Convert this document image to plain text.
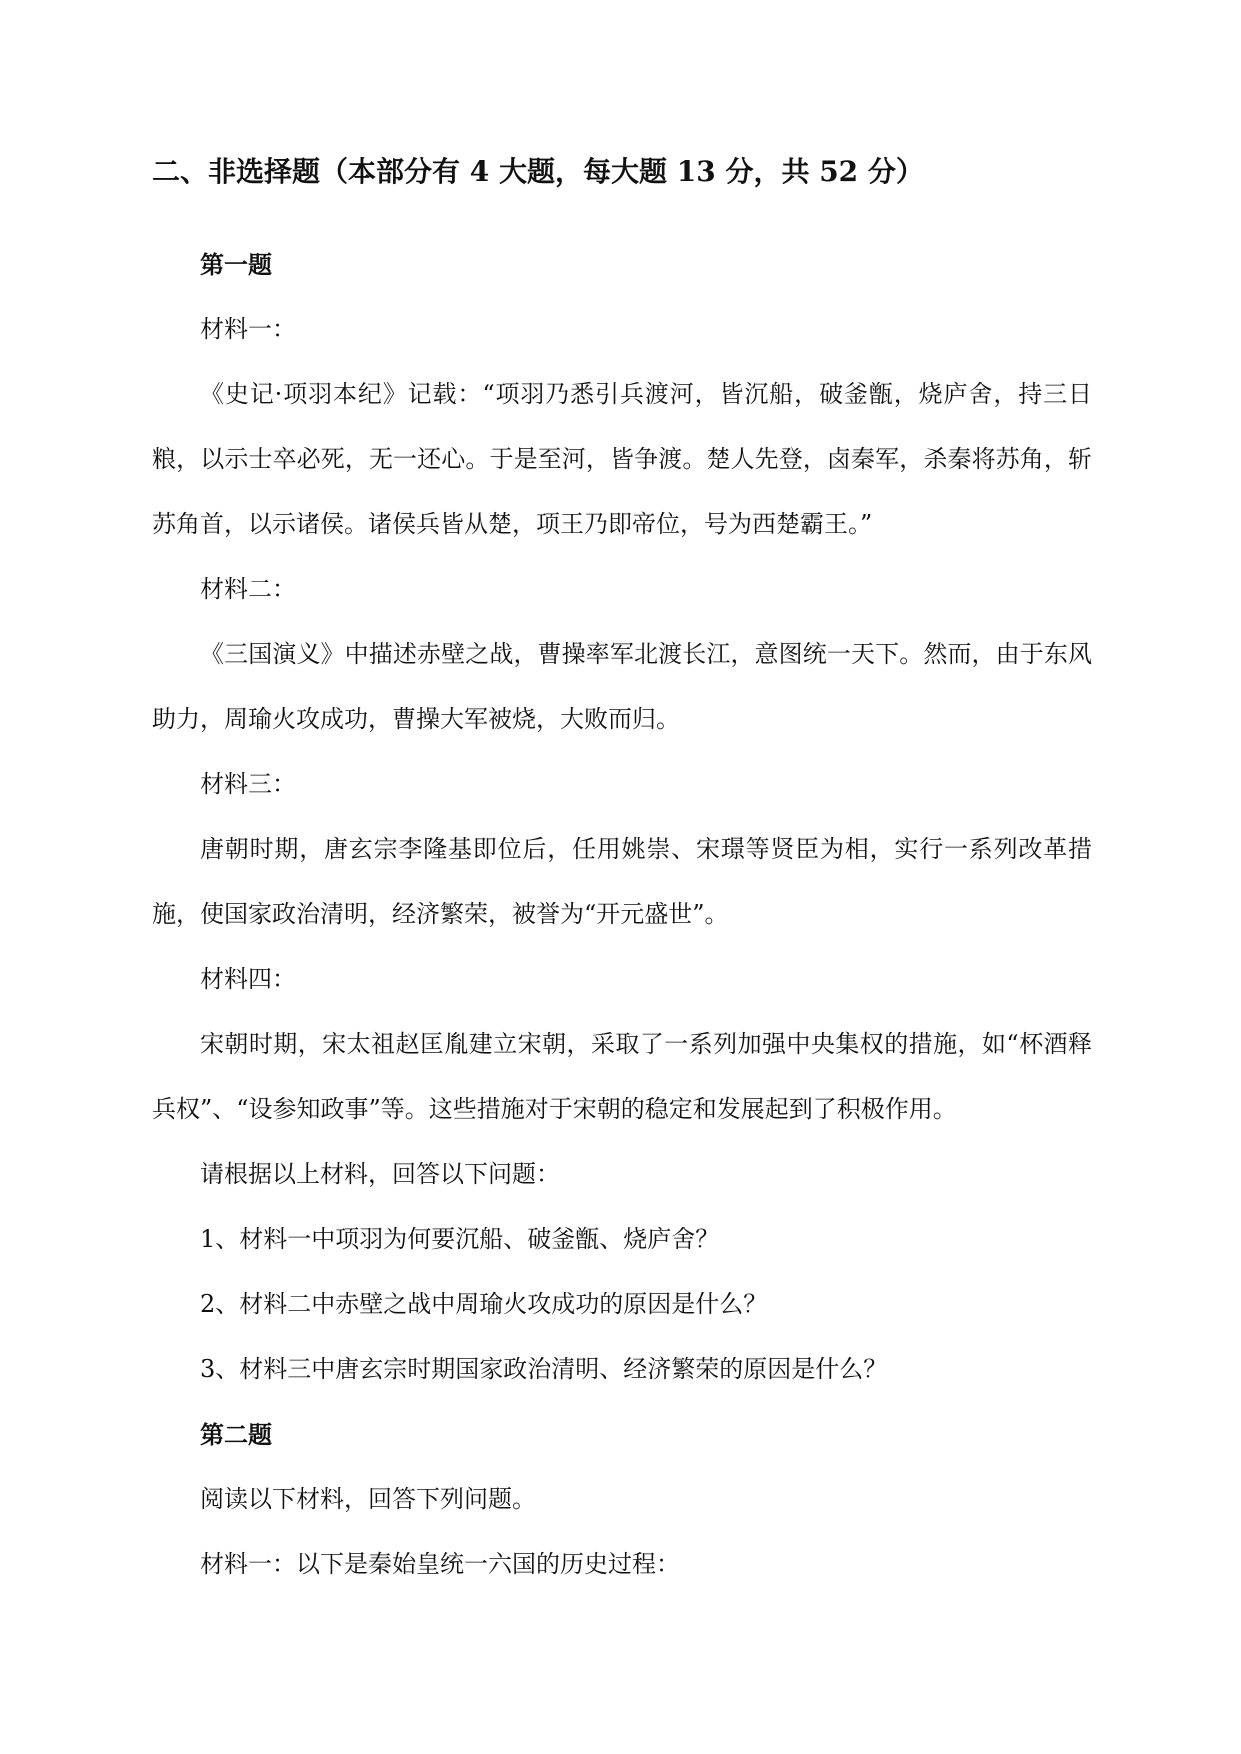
二、非选择题（本部分有 4 大题，每大题 13 分，共 52 分）

第一题

材料一：

《史记·项羽本纪》记载：“项羽乃悉引兵渡河，皆沉船，破釜甑，烧庐舍，持三日粮，以示士卒必死，无一还心。于是至河，皆争渡。楚人先登，卤秦军，杀秦将苏角，斩苏角首，以示诸侯。诸侯兵皆从楚，项王乃即帝位，号为西楚霸王。”

材料二：

《三国演义》中描述赤壁之战，曹操率军北渡长江，意图统一天下。然而，由于东风助力，周瑜火攻成功，曹操大军被烧，大败而归。

材料三：

唐朝时期，唐玄宗李隆基即位后，任用姚崇、宋璟等贤臣为相，实行一系列改革措施，使国家政治清明，经济繁荣，被誉为“开元盛世”。

材料四：

宋朝时期，宋太祖赵匡胤建立宋朝，采取了一系列加强中央集权的措施，如“杯酒释兵权”、“设参知政事”等。这些措施对于宋朝的稳定和发展起到了积极作用。

请根据以上材料，回答以下问题：

1、材料一中项羽为何要沉船、破釜甑、烧庐舍？

2、材料二中赤壁之战中周瑜火攻成功的原因是什么？

3、材料三中唐玄宗时期国家政治清明、经济繁荣的原因是什么？

第二题

阅读以下材料，回答下列问题。

材料一：以下是秦始皇统一六国的历史过程：
